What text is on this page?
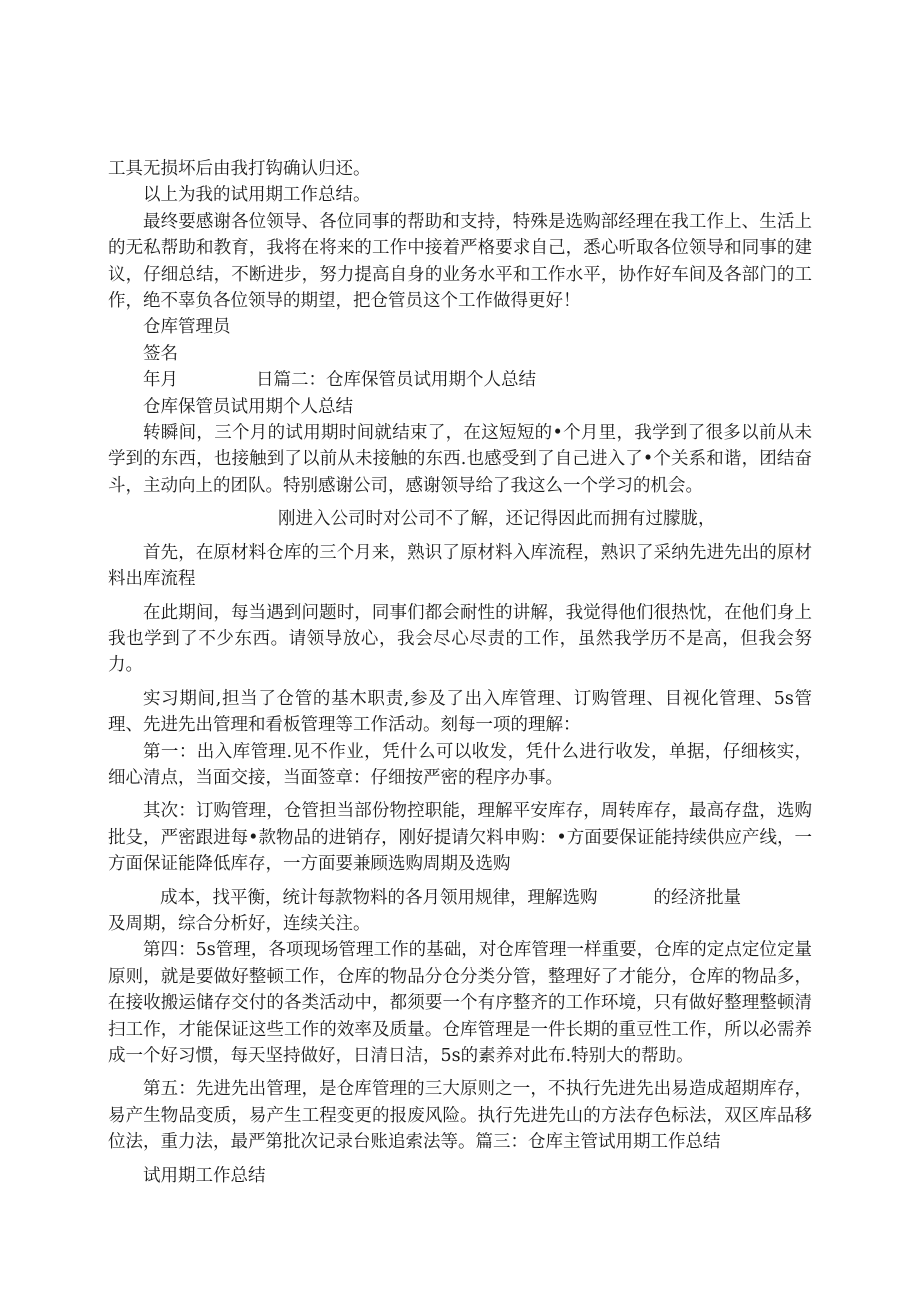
工具无损坏后由我打钩确认归还。

以上为我的试用期工作总结。

最终要感谢各位领导、各位同事的帮助和支持，特殊是选购部经理在我工作上、生活上的无私帮助和教育，我将在将来的工作中接着严格要求自己，悉心听取各位领导和同事的建议，仔细总结，不断进步，努力提高自身的业务水平和工作水平，协作好车间及各部门的工作，绝不辜负各位领导的期望，把仓管员这个工作做得更好！

仓库管理员

签名

年月	日篇二：仓库保管员试用期个人总结

仓库保管员试用期个人总结

转瞬间，三个月的试用期时间就结束了，在这短短的•个月里，我学到了很多以前从未学到的东西，也接触到了以前从未接触的东西.也感受到了自己进入了•个关系和谐，团结奋斗，主动向上的团队。特别感谢公司，感谢领导给了我这么一个学习的机会。

刚进入公司时对公司不了解，还记得因此而拥有过朦胧，

首先，在原材料仓库的三个月来，熟识了原材料入库流程，熟识了采纳先进先出的原材料出库流程

在此期间，每当遇到问题时，同事们都会耐性的讲解，我觉得他们很热忱，在他们身上我也学到了不少东西。请领导放心，我会尽心尽责的工作，虽然我学历不是高，但我会努力。

实习期间,担当了仓管的基木职责,参及了出入库管理、订购管理、目视化管理、5s管理、先进先出管理和看板管理等工作活动。刻每一项的理解：

第一：出入库管理.见不作业，凭什么可以收发，凭什么进行收发，单据，仔细核实，细心清点，当面交接，当面签章：仔细按严密的程序办事。

其次：订购管理，仓管担当部份物控职能，理解平安库存，周转库存，最高存盘，选购批殳，严密跟进每•款物品的进销存，刚好提请欠料申购：•方面要保证能持续供应产线，一方面保证能降低库存，一方面要兼顾选购周期及选购

成本，找平衡，统计每款物料的各月领用规律，理解选购	的经济批量

及周期，综合分析好，连续关注。

第四：5s管理，各项现场管理工作的基础，对仓库管理一样重要，仓库的定点定位定量原则，就是要做好整顿工作，仓库的物品分仓分类分管，整理好了才能分，仓库的物品多，在接收搬运储存交付的各类活动中，都须要一个有序整齐的工作环境，只有做好整理整顿清扫工作，才能保证这些工作的效率及质量。仓库管理是一件长期的重豆性工作，所以必需养成一个好习惯，每天坚持做好，日清日洁，5s的素养对此布.特别大的帮助。

第五：先进先出管理，是仓库管理的三大原则之一，不执行先进先出易造成超期库存，易产生物品变质，易产生工程变更的报废风险。执行先进先山的方法存色标法，双区库品移位法，重力法，最严第批次记录台账追索法等。篇三：仓库主管试用期工作总结

试用期工作总结
